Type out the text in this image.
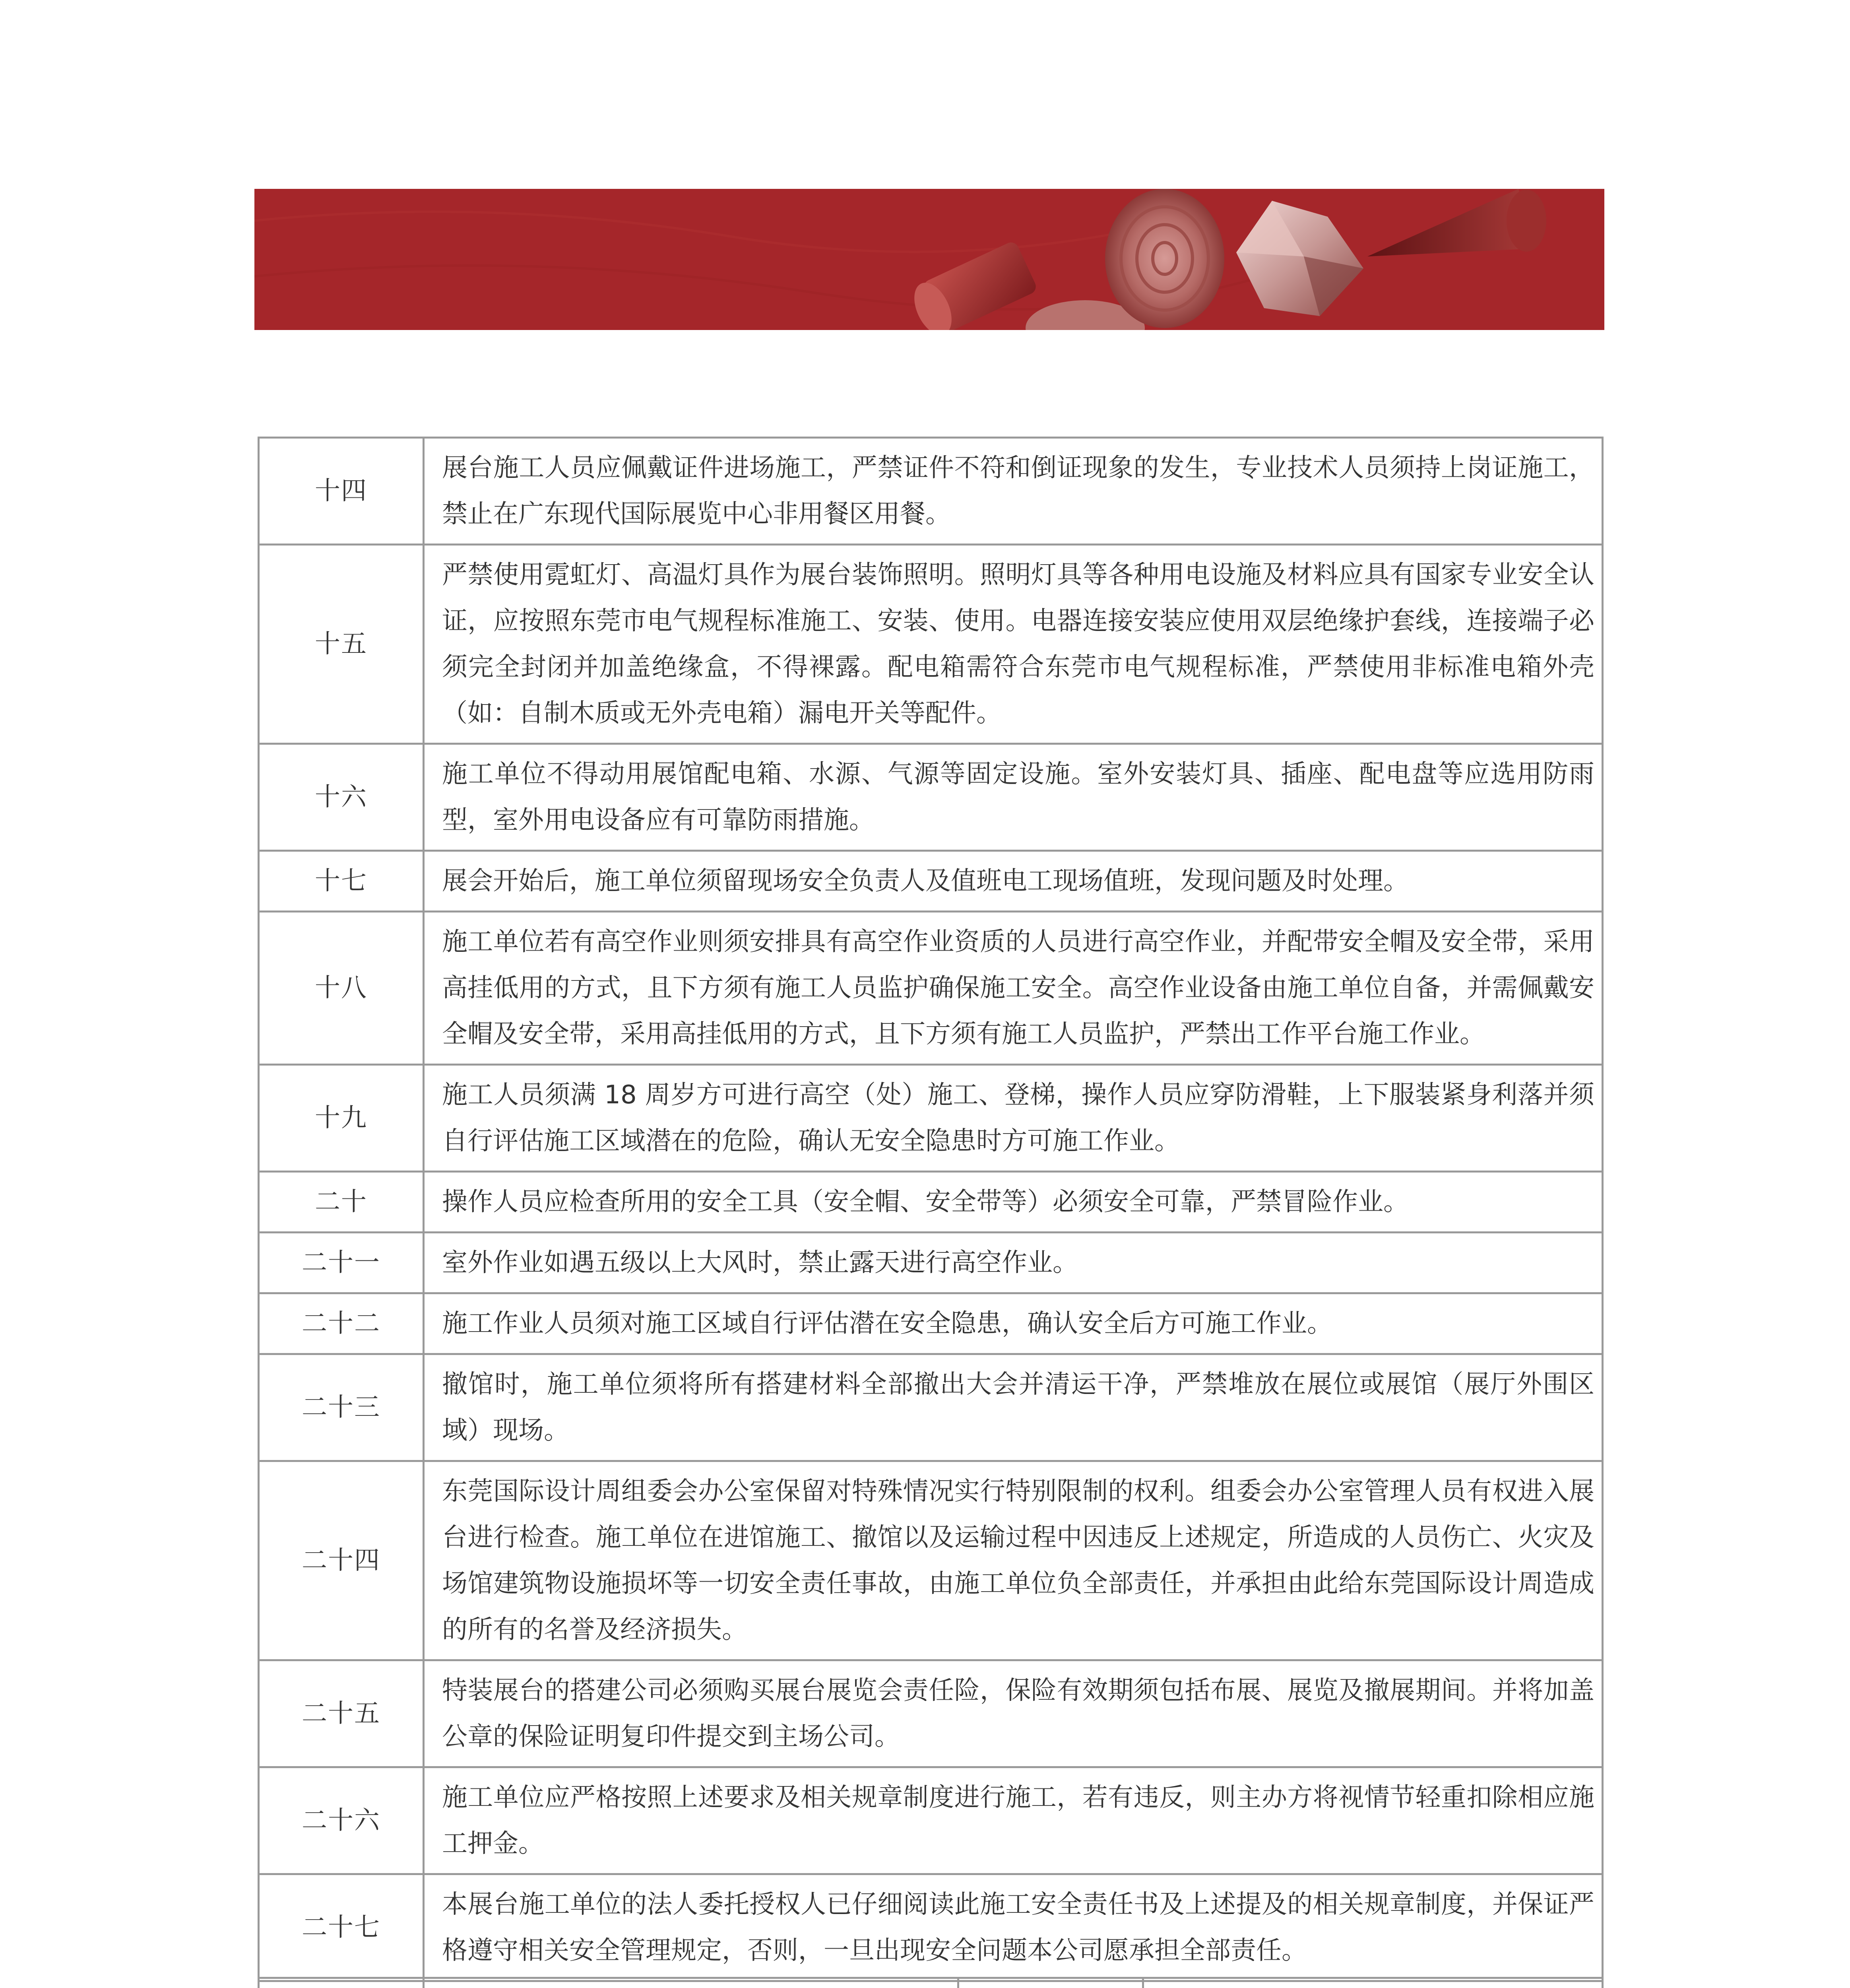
十四	展台施工人员应佩戴证件进场施工，严禁证件不符和倒证现象的发生，专业技术人员须持上岗证施工，禁止在广东现代国际展览中心非用餐区用餐。
十五	严禁使用霓虹灯、高温灯具作为展台装饰照明。照明灯具等各种用电设施及材料应具有国家专业安全认证，应按照东莞市电气规程标准施工、安装、使用。电器连接安装应使用双层绝缘护套线，连接端子必须完全封闭并加盖绝缘盒，不得裸露。配电箱需符合东莞市电气规程标准，严禁使用非标准电箱外壳（如：自制木质或无外壳电箱）漏电开关等配件。
十六	施工单位不得动用展馆配电箱、水源、气源等固定设施。室外安装灯具、插座、配电盘等应选用防雨型，室外用电设备应有可靠防雨措施。
十七	展会开始后，施工单位须留现场安全负责人及值班电工现场值班，发现问题及时处理。
十八	施工单位若有高空作业则须安排具有高空作业资质的人员进行高空作业，并配带安全帽及安全带，采用高挂低用的方式，且下方须有施工人员监护确保施工安全。高空作业设备由施工单位自备，并需佩戴安全帽及安全带，采用高挂低用的方式，且下方须有施工人员监护，严禁出工作平台施工作业。
十九	施工人员须满 18 周岁方可进行高空（处）施工、登梯，操作人员应穿防滑鞋，上下服装紧身利落并须自行评估施工区域潜在的危险，确认无安全隐患时方可施工作业。
二十	操作人员应检查所用的安全工具（安全帽、安全带等）必须安全可靠，严禁冒险作业。
二十一	室外作业如遇五级以上大风时，禁止露天进行高空作业。
二十二	施工作业人员须对施工区域自行评估潜在安全隐患，确认安全后方可施工作业。
二十三	撤馆时，施工单位须将所有搭建材料全部撤出大会并清运干净，严禁堆放在展位或展馆（展厅外围区域）现场。
二十四	东莞国际设计周组委会办公室保留对特殊情况实行特别限制的权利。组委会办公室管理人员有权进入展台进行检查。施工单位在进馆施工、撤馆以及运输过程中因违反上述规定，所造成的人员伤亡、火灾及场馆建筑物设施损坏等一切安全责任事故，由施工单位负全部责任，并承担由此给东莞国际设计周造成的所有的名誉及经济损失。
二十五	特装展台的搭建公司必须购买展台展览会责任险，保险有效期须包括布展、展览及撤展期间。并将加盖公章的保险证明复印件提交到主场公司。
二十六	施工单位应严格按照上述要求及相关规章制度进行施工，若有违反，则主办方将视情节轻重扣除相应施工押金。
二十七	本展台施工单位的法人委托授权人已仔细阅读此施工安全责任书及上述提及的相关规章制度，并保证严格遵守相关安全管理规定，否则，一旦出现安全问题本公司愿承担全部责任。
